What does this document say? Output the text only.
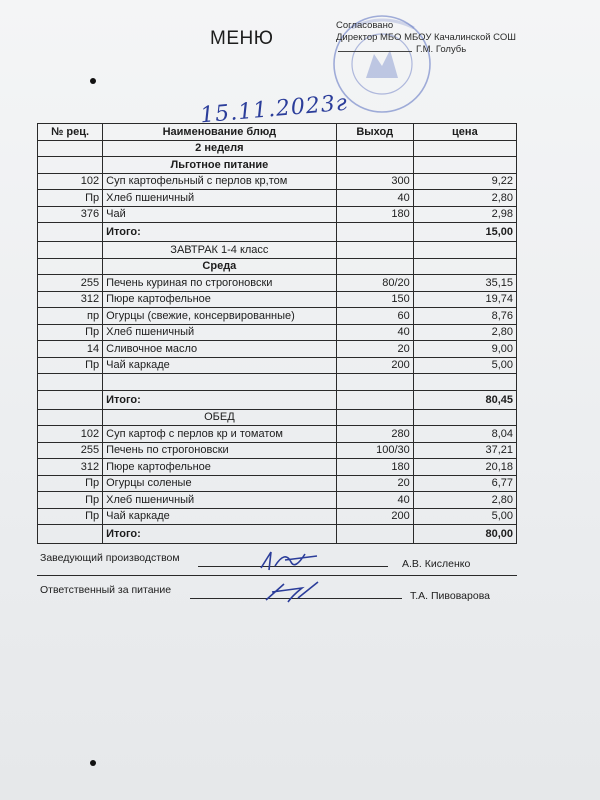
МЕНЮ
Согласовано
Директор МБО МБОУ Качалинской СОШ
Г.М. Голубь
15.11.2023г
№ рец.	Наименование блюд	Выход	цена
	2 неделя		
	Льготное питание		
102	Суп картофельный с перлов кр,том	300	9,22
Пр	Хлеб пшеничный	40	2,80
376	Чай	180	2,98
	Итого:		15,00
	ЗАВТРАК 1-4 класс		
	Среда		
255	Печень куриная по строгоновски	80/20	35,15
312	Пюре картофельное	150	19,74
пр	Огурцы (свежие, консервированные)	60	8,76
Пр	Хлеб пшеничный	40	2,80
14	Сливочное масло	20	9,00
Пр	Чай каркаде	200	5,00

	Итого:		80,45
	ОБЕД		
102	Суп картоф с перлов кр и томатом	280	8,04
255	Печень по строгоновски	100/30	37,21
312	Пюре картофельное	180	20,18
Пр	Огурцы соленые	20	6,77
Пр	Хлеб пшеничный	40	2,80
Пр	Чай каркаде	200	5,00
	Итого:		80,00
Заведующий производством	А.В. Кисленко
Ответственный за питание	Т.А. Пивоварова
